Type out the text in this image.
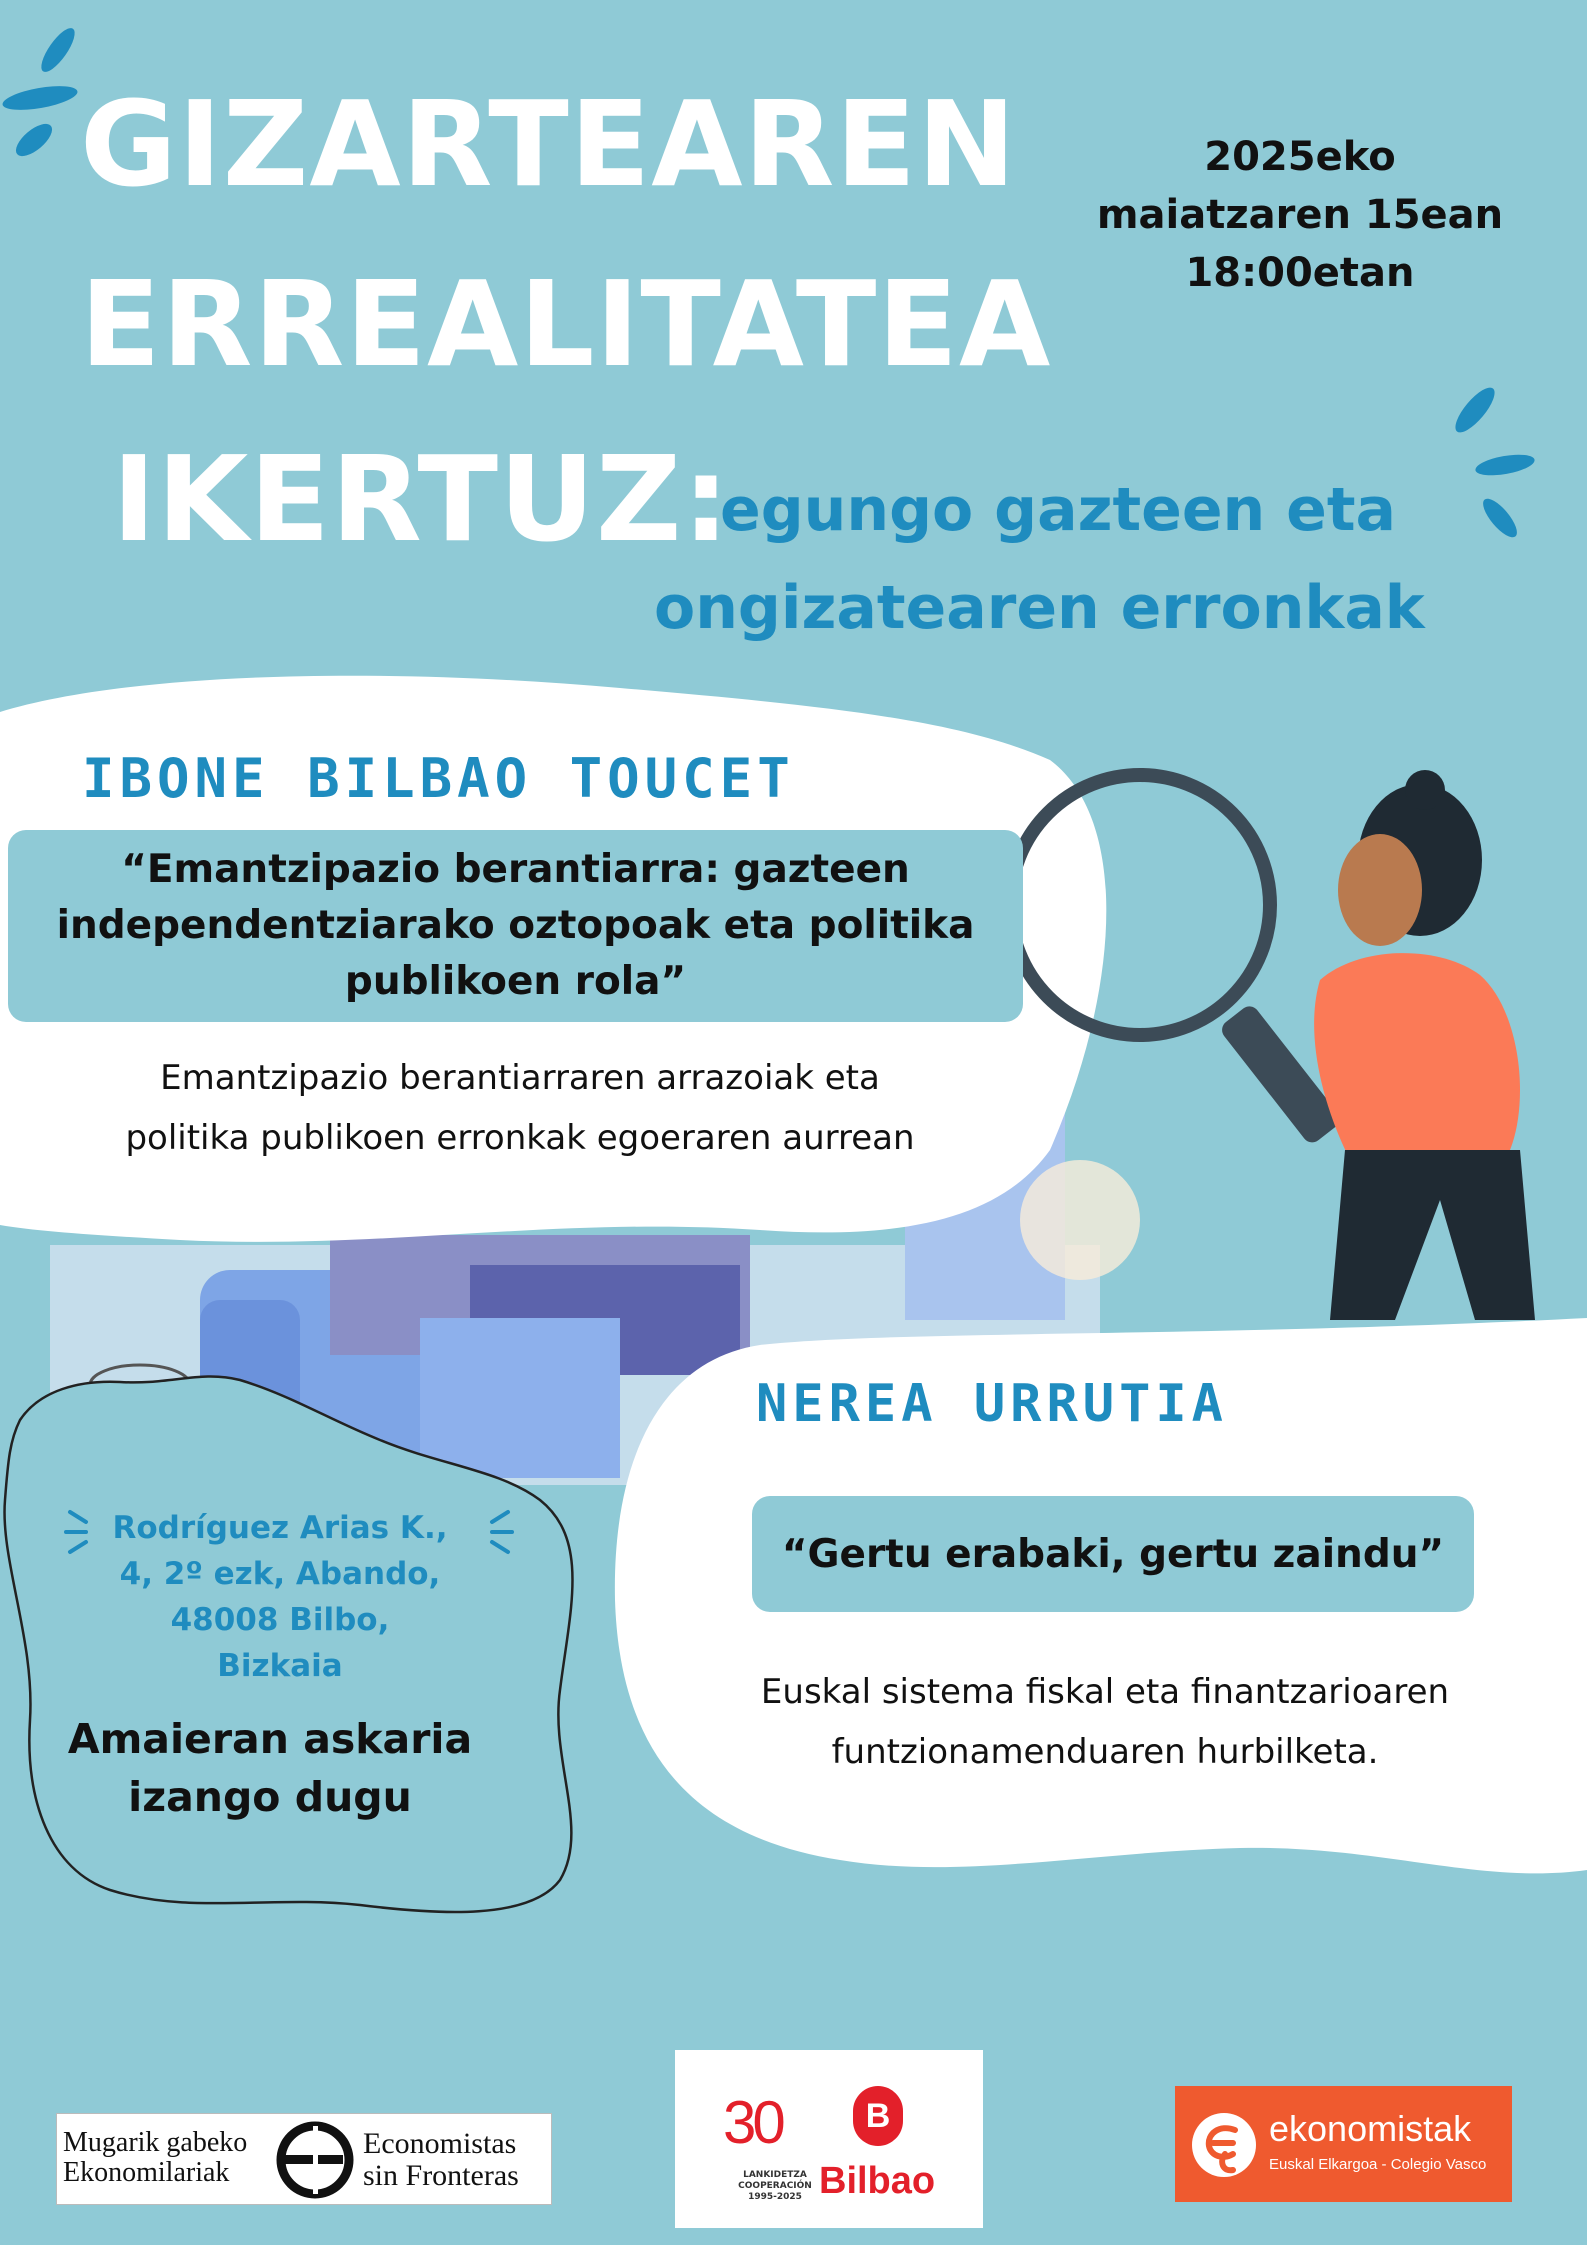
GIZARTEAREN
ERREALITATEA
IKERTUZ:
egungo gazteen eta
ongizatearen erronkak
2025eko
maiatzaren 15ean
18:00etan
IBONE BILBAO TOUCET
“Emantzipazio berantiarra: gazteen
independentziarako oztopoak eta politika
publikoen rola”
Emantzipazio berantiarraren arrazoiak eta
politika publikoen erronkak egoeraren aurrean
NEREA URRUTIA
“Gertu erabaki, gertu zaindu”
Euskal sistema fiskal eta finantzarioaren
funtzionamenduaren hurbilketa.
Rodríguez Arias K.,
4, 2º ezk, Abando,
48008 Bilbo,
Bizkaia
Amaieran askaria
izango dugu
Mugarik gabeko
Ekonomilariak
Economistas
sin Fronteras
30
LANKIDETZA
COOPERACIÓN
1995-2025
B
Bilbao
ekonomistak
Euskal Elkargoa - Colegio Vasco
